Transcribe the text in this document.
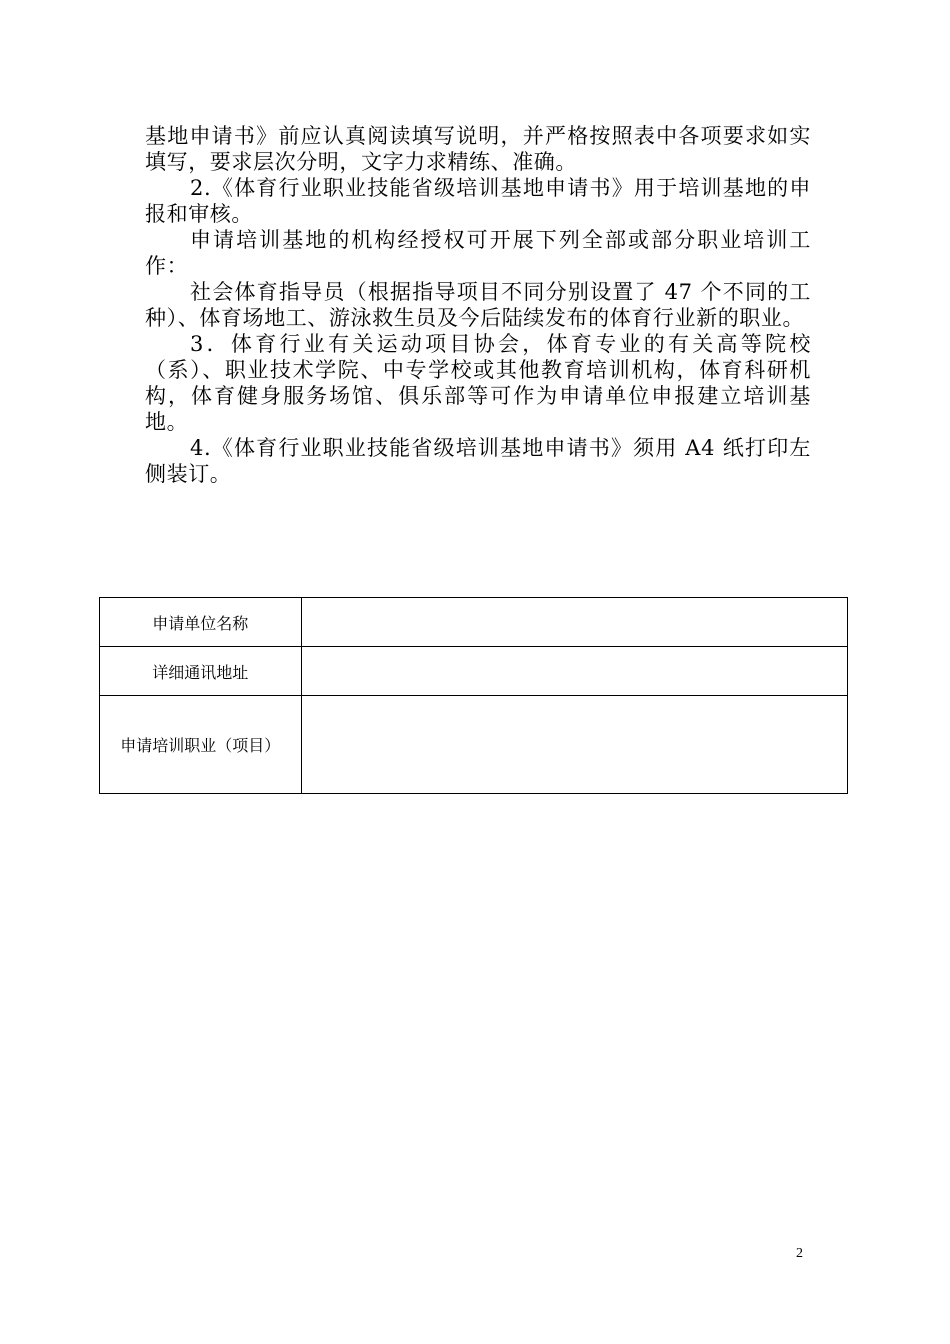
基地申请书》前应认真阅读填写说明，并严格按照表中各项要求如实填写，要求层次分明，文字力求精练、准确。

2.《体育行业职业技能省级培训基地申请书》用于培训基地的申报和审核。

申请培训基地的机构经授权可开展下列全部或部分职业培训工作：

社会体育指导员（根据指导项目不同分别设置了 47 个不同的工种）、体育场地工、游泳救生员及今后陆续发布的体育行业新的职业。

3．体育行业有关运动项目协会，体育专业的有关高等院校（系）、职业技术学院、中专学校或其他教育培训机构，体育科研机构，体育健身服务场馆、俱乐部等可作为申请单位申报建立培训基地。

4.《体育行业职业技能省级培训基地申请书》须用 A4 纸打印左侧装订。

申请单位名称	
详细通讯地址	
申请培训职业（项目）	
2
